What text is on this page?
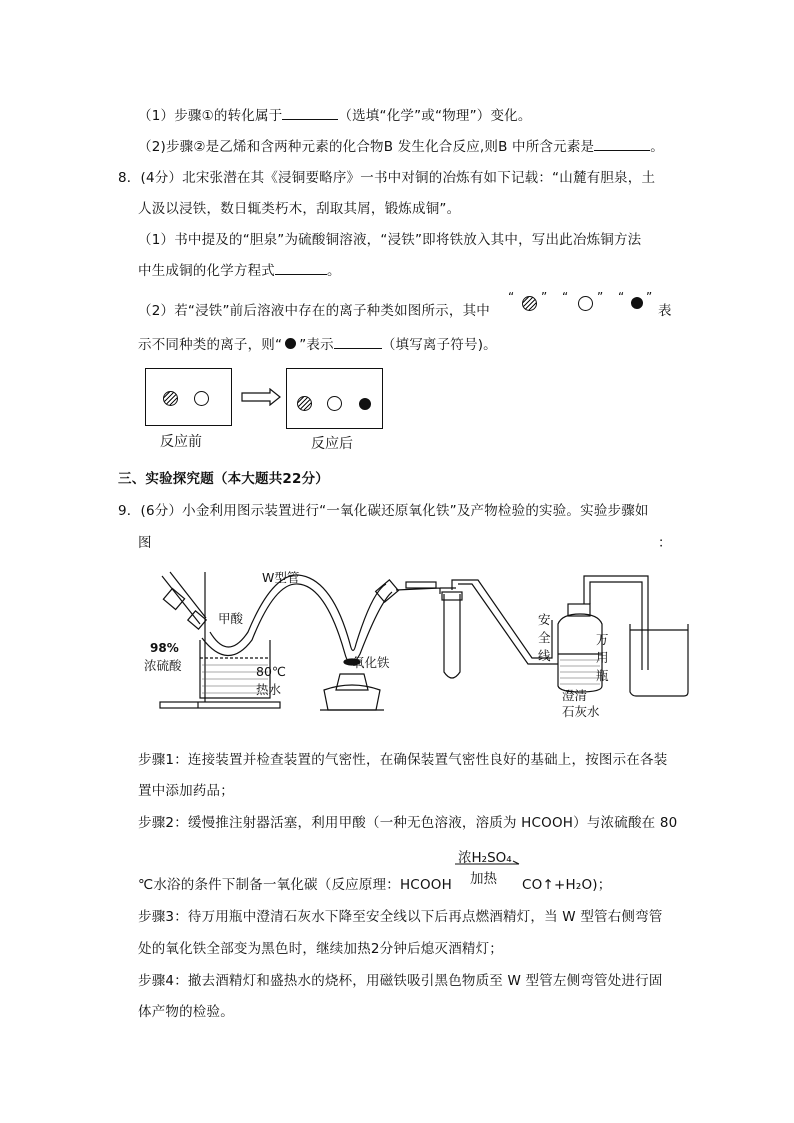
（1）步骤①的转化属于	（选填“化学”或“物理”）变化。
（2)步骤②是乙烯和含两种元素的化合物B 发生化合反应,则B 中所含元素是	。
8．(4分）北宋张潜在其《浸铜要略序》一书中对铜的冶炼有如下记载：“山麓有胆泉，土
人汲以浸铁，数日辄类朽木，刮取其屑，锻炼成铜”。
（1）书中提及的“胆泉”为硫酸铜溶液，“浸铁”即将铁放入其中，写出此冶炼铜方法
中生成铜的化学方程式	。
（2）若“浸铁”前后溶液中存在的离子种类如图所示，其中
“ ” “ ” “ ”
表
示不同种类的离子，则“ ”表示	（填写离子符号)。
反应前	反应后
三、实验探究题（本大题共22分）
9．(6分）小金利用图示装置进行“一氧化碳还原氧化铁”及产物检验的实验。实验步骤如
图	：
W型管
甲酸
98%
浓硫酸	80℃
热水
氧化铁
安
全
线
万
用
瓶
澄清
石灰水
步骤1：连接装置并检查装置的气密性，在确保装置气密性良好的基础上，按图示在各装
置中添加药品；
步骤2：缓慢推注射器活塞，利用甲酸（一种无色溶液，溶质为 HCOOH）与浓硫酸在 80
℃水浴的条件下制备一氧化碳（反应原理：HCOOH
浓H₂SO₄
加热 CO↑+H₂O)；
步骤3：待万用瓶中澄清石灰水下降至安全线以下后再点燃酒精灯，当 W 型管右侧弯管
处的氧化铁全部变为黑色时，继续加热2分钟后熄灭酒精灯；
步骤4：撤去酒精灯和盛热水的烧杯，用磁铁吸引黑色物质至 W 型管左侧弯管处进行固
体产物的检验。
